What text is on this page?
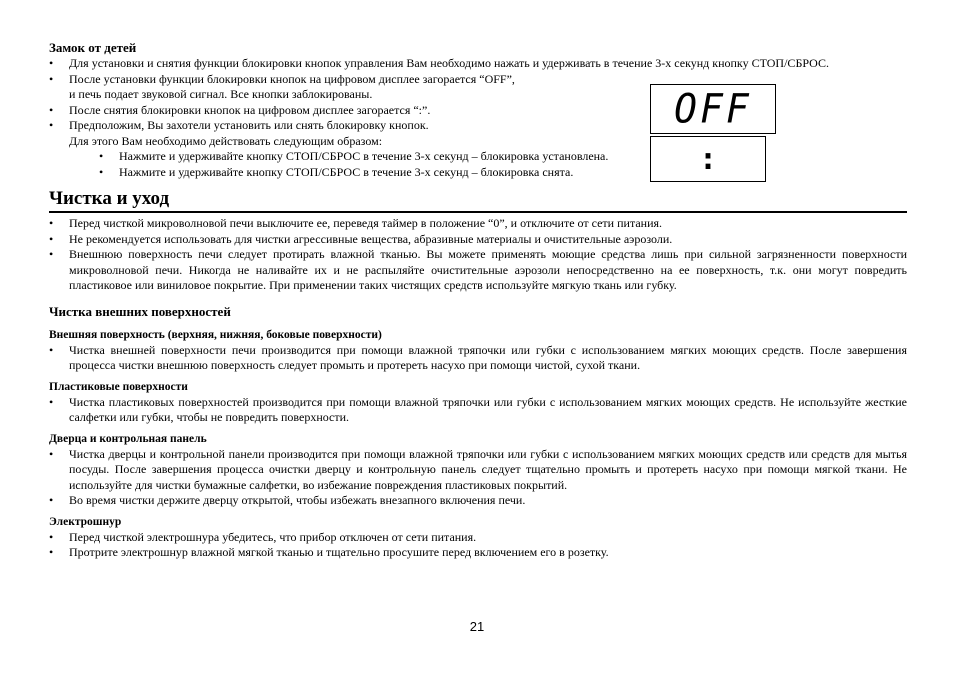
Замок от детей

• Для установки и снятия функции блокировки кнопок управления Вам необходимо нажать и удерживать в течение 3-х секунд кнопку СТОП/СБРОС.
• После установки функции блокировки кнопок на цифровом дисплее загорается “OFF”,
и печь подает звуковой сигнал. Все кнопки заблокированы.
• После снятия блокировки кнопок на цифровом дисплее загорается “:”.
• Предположим, Вы захотели установить или снять блокировку кнопок.
Для этого Вам необходимо действовать следующим образом:
• Нажмите и удерживайте кнопку СТОП/СБРОС в течение 3-х секунд – блокировка установлена.
• Нажмите и удерживайте кнопку СТОП/СБРОС в течение 3-х секунд – блокировка снята.

Чистка и уход

• Перед чисткой микроволновой печи выключите ее, переведя таймер в положение “0”, и отключите от сети питания.
• Не рекомендуется использовать для чистки агрессивные вещества, абразивные материалы и очистительные аэрозоли.
• Внешнюю поверхность печи следует протирать влажной тканью. Вы можете применять моющие средства лишь при сильной загрязненности поверхности микроволновой печи. Никогда не наливайте их и не распыляйте очистительные аэрозоли непосредственно на ее поверхность, т.к. они могут повредить пластиковое или виниловое покрытие. При применении таких чистящих средств используйте мягкую ткань или губку.

Чистка внешних поверхностей

Внешняя поверхность (верхняя, нижняя, боковые поверхности)

• Чистка внешней поверхности печи производится при помощи влажной тряпочки или губки с использованием мягких моющих средств. После завершения процесса чистки внешнюю поверхность следует промыть и протереть насухо при помощи чистой, сухой ткани.

Пластиковые поверхности

• Чистка пластиковых поверхностей производится при помощи влажной тряпочки или губки с использованием мягких моющих средств. Не используйте жесткие салфетки или губки, чтобы не повредить поверхности.

Дверца и контрольная панель

• Чистка дверцы и контрольной панели производится при помощи влажной тряпочки или губки с использованием мягких моющих средств или средств для мытья посуды. После завершения процесса очистки дверцу и контрольную панель следует тщательно промыть и протереть насухо при помощи мягкой ткани. Не используйте для чистки бумажные салфетки, во избежание повреждения пластиковых покрытий.
• Во время чистки держите дверцу открытой, чтобы избежать внезапного включения печи.

Электрошнур

• Перед чисткой электрошнура убедитесь, что прибор отключен от сети питания.
• Протрите электрошнур влажной мягкой тканью и тщательно просушите перед включением его в розетку.
OFF
:
21
